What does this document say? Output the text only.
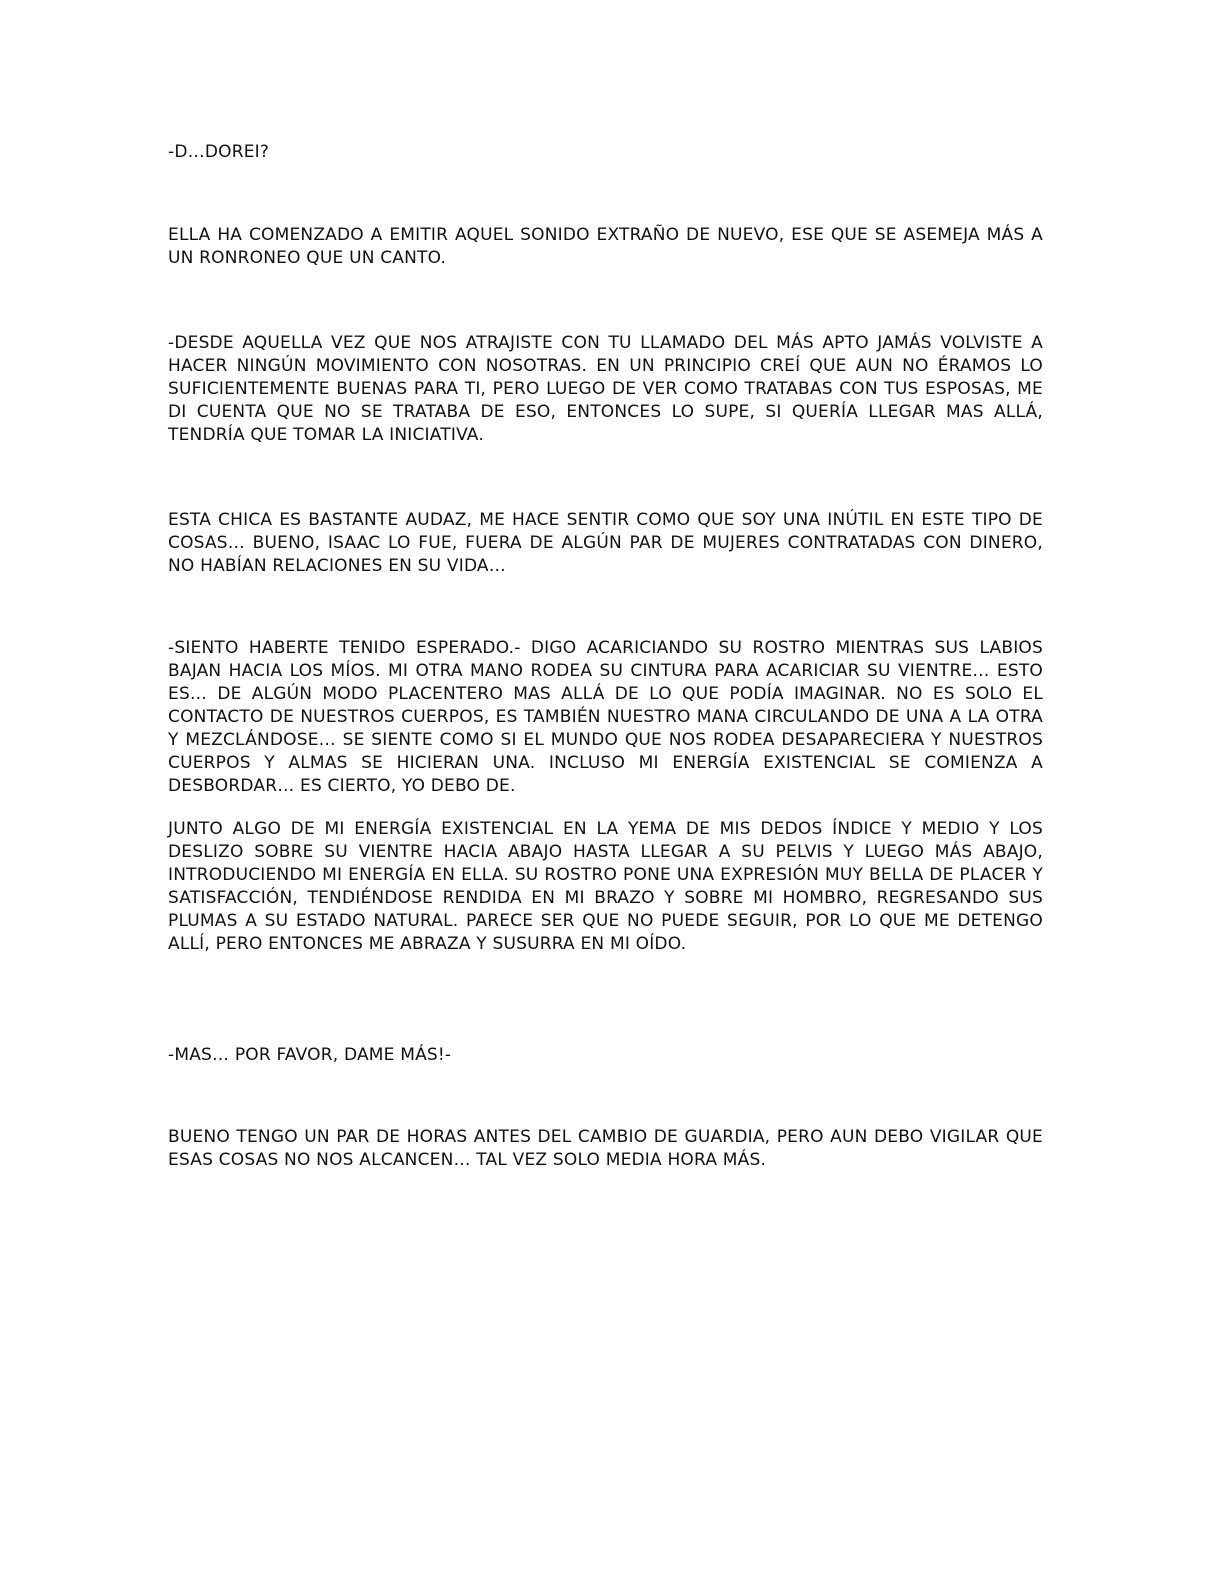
-D…DOREI?

ELLA HA COMENZADO A EMITIR AQUEL SONIDO EXTRAÑO DE NUEVO, ESE QUE SE ASEMEJA MÁS A UN RONRONEO QUE UN CANTO.

-DESDE AQUELLA VEZ QUE NOS ATRAJISTE CON TU LLAMADO DEL MÁS APTO JAMÁS VOLVISTE A HACER NINGÚN MOVIMIENTO CON NOSOTRAS. EN UN PRINCIPIO CREÍ QUE AUN NO ÉRAMOS LO SUFICIENTEMENTE BUENAS PARA TI, PERO LUEGO DE VER COMO TRATABAS CON TUS ESPOSAS, ME DI CUENTA QUE NO SE TRATABA DE ESO, ENTONCES LO SUPE, SI QUERÍA LLEGAR MAS ALLÁ, TENDRÍA QUE TOMAR LA INICIATIVA.

ESTA CHICA ES BASTANTE AUDAZ, ME HACE SENTIR COMO QUE SOY UNA INÚTIL EN ESTE TIPO DE COSAS… BUENO, ISAAC LO FUE, FUERA DE ALGÚN PAR DE MUJERES CONTRATADAS CON DINERO, NO HABÍAN RELACIONES EN SU VIDA…

-SIENTO HABERTE TENIDO ESPERADO.- DIGO ACARICIANDO SU ROSTRO MIENTRAS SUS LABIOS BAJAN HACIA LOS MÍOS. MI OTRA MANO RODEA SU CINTURA PARA ACARICIAR SU VIENTRE… ESTO ES… DE ALGÚN MODO PLACENTERO MAS ALLÁ DE LO QUE PODÍA IMAGINAR. NO ES SOLO EL CONTACTO DE NUESTROS CUERPOS, ES TAMBIÉN NUESTRO MANA CIRCULANDO DE UNA A LA OTRA Y MEZCLÁNDOSE… SE SIENTE COMO SI EL MUNDO QUE NOS RODEA DESAPARECIERA Y NUESTROS CUERPOS Y ALMAS SE HICIERAN UNA. INCLUSO MI ENERGÍA EXISTENCIAL SE COMIENZA A DESBORDAR… ES CIERTO, YO DEBO DE.

JUNTO ALGO DE MI ENERGÍA EXISTENCIAL EN LA YEMA DE MIS DEDOS ÍNDICE Y MEDIO Y LOS DESLIZO SOBRE SU VIENTRE HACIA ABAJO HASTA LLEGAR A SU PELVIS Y LUEGO MÁS ABAJO, INTRODUCIENDO MI ENERGÍA EN ELLA. SU ROSTRO PONE UNA EXPRESIÓN MUY BELLA DE PLACER Y SATISFACCIÓN, TENDIÉNDOSE RENDIDA EN MI BRAZO Y SOBRE MI HOMBRO, REGRESANDO SUS PLUMAS A SU ESTADO NATURAL. PARECE SER QUE NO PUEDE SEGUIR, POR LO QUE ME DETENGO ALLÍ, PERO ENTONCES ME ABRAZA Y SUSURRA EN MI OÍDO.

-MAS… POR FAVOR, DAME MÁS!-

BUENO TENGO UN PAR DE HORAS ANTES DEL CAMBIO DE GUARDIA, PERO AUN DEBO VIGILAR QUE ESAS COSAS NO NOS ALCANCEN… TAL VEZ SOLO MEDIA HORA MÁS.
